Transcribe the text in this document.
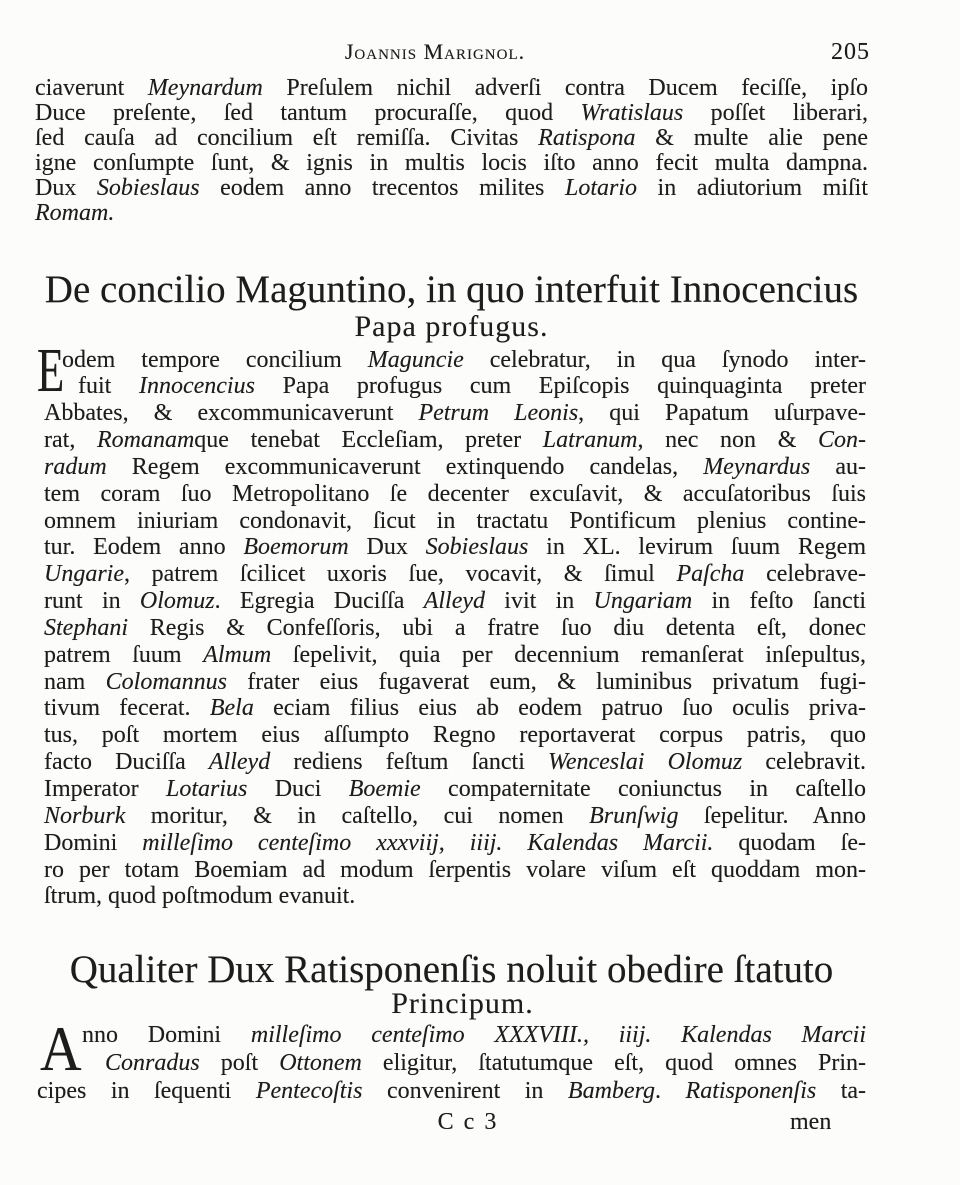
Joannis Marignol.	205
ciaverunt Meynardum Preſulem nichil adverſi contra Ducem feciſſe, ipſo
Duce preſente, ſed tantum procuraſſe, quod Wratislaus poſſet liberari,
ſed cauſa ad concilium eſt remiſſa. Civitas Ratispona & multe alie pene
igne conſumpte ſunt, & ignis in multis locis iſto anno fecit multa dampna.
Dux Sobieslaus eodem anno trecentos milites Lotario in adiutorium miſit
Romam.
De concilio Maguntino, in quo interfuit Innocencius
Papa profugus.
E
odem tempore concilium Maguncie celebratur, in qua ſynodo inter-
fuit Innocencius Papa profugus cum Epiſcopis quinquaginta preter
Abbates, & excommunicaverunt Petrum Leonis, qui Papatum uſurpave-
rat, Romanamque tenebat Eccleſiam, preter Latranum, nec non & Con-
radum Regem excommunicaverunt extinquendo candelas, Meynardus au-
tem coram ſuo Metropolitano ſe decenter excuſavit, & accuſatoribus ſuis
omnem iniuriam condonavit, ſicut in tractatu Pontificum plenius contine-
tur. Eodem anno Boemorum Dux Sobieslaus in XL. levirum ſuum Regem
Ungarie, patrem ſcilicet uxoris ſue, vocavit, & ſimul Paſcha celebrave-
runt in Olomuz. Egregia Duciſſa Alleyd ivit in Ungariam in feſto ſancti
Stephani Regis & Confeſſoris, ubi a fratre ſuo diu detenta eſt, donec
patrem ſuum Almum ſepelivit, quia per decennium remanſerat inſepultus,
nam Colomannus frater eius fugaverat eum, & luminibus privatum fugi-
tivum fecerat. Bela eciam filius eius ab eodem patruo ſuo oculis priva-
tus, poſt mortem eius aſſumpto Regno reportaverat corpus patris, quo
facto Duciſſa Alleyd rediens feſtum ſancti Wenceslai Olomuz celebravit.
Imperator Lotarius Duci Boemie compaternitate coniunctus in caſtello
Norburk moritur, & in caſtello, cui nomen Brunſwig ſepelitur. Anno
Domini milleſimo centeſimo xxxviij, iiij. Kalendas Marcii. quodam ſe-
ro per totam Boemiam ad modum ſerpentis volare viſum eſt quoddam mon-
ſtrum, quod poſtmodum evanuit.
Qualiter Dux Ratisponenſis noluit obedire ſtatuto
Principum.
A nno Domini milleſimo centeſimo XXXVIII., iiij. Kalendas Marcii
Conradus poſt Ottonem eligitur, ſtatutumque eſt, quod omnes Prin-
cipes in ſequenti Pentecoſtis convenirent in Bamberg. Ratisponenſis ta-
C c 3	men
